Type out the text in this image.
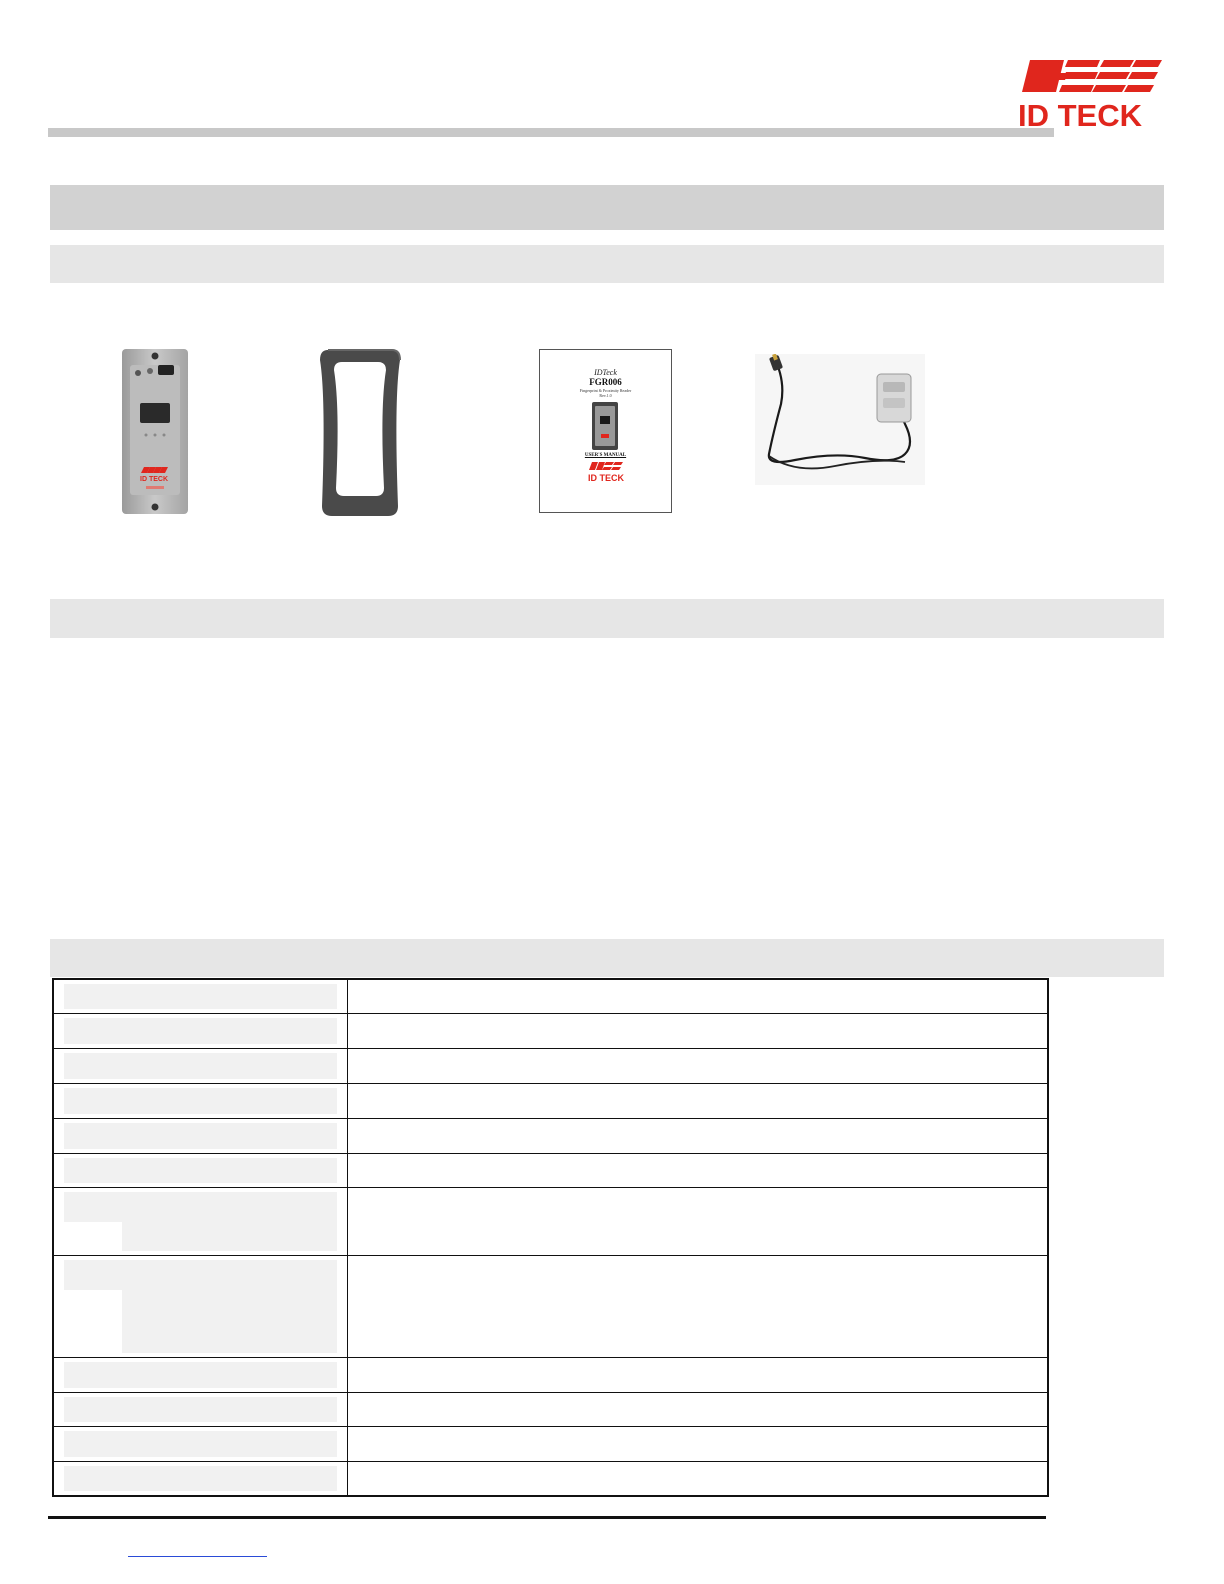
ID TECK
ID TECK
IDTeck
FGR006
Fingerprint & Proximity Reader
Rev.1.0
USER'S MANUAL
ID TECK
